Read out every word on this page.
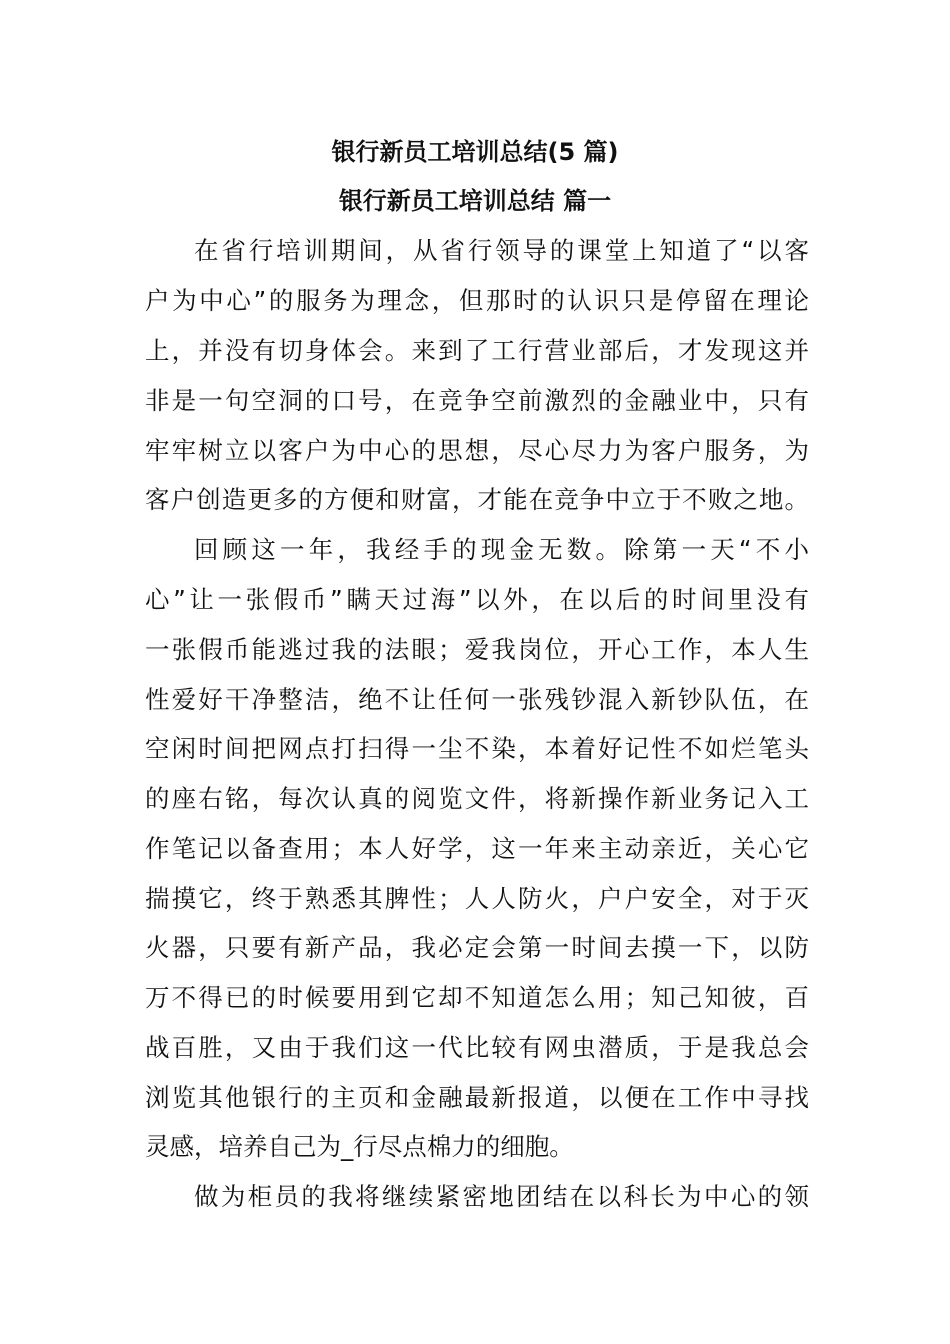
银行新员工培训总结(5 篇)
银行新员工培训总结 篇一

在省行培训期间，从省行领导的课堂上知道了“以客

户为中心”的服务为理念，但那时的认识只是停留在理论

上，并没有切身体会。来到了工行营业部后，才发现这并

非是一句空洞的口号，在竞争空前激烈的金融业中，只有

牢牢树立以客户为中心的思想，尽心尽力为客户服务，为

客户创造更多的方便和财富，才能在竞争中立于不败之地。

回顾这一年，我经手的现金无数。除第一天“不小

心”让一张假币”瞒天过海”以外，在以后的时间里没有

一张假币能逃过我的法眼；爱我岗位，开心工作，本人生

性爱好干净整洁，绝不让任何一张残钞混入新钞队伍，在

空闲时间把网点打扫得一尘不染，本着好记性不如烂笔头

的座右铭，每次认真的阅览文件，将新操作新业务记入工

作笔记以备查用；本人好学，这一年来主动亲近，关心它

揣摸它，终于熟悉其脾性；人人防火，户户安全，对于灭

火器，只要有新产品，我必定会第一时间去摸一下，以防

万不得已的时候要用到它却不知道怎么用；知己知彼，百

战百胜，又由于我们这一代比较有网虫潜质，于是我总会

浏览其他银行的主页和金融最新报道，以便在工作中寻找

灵感，培养自己为_行尽点棉力的细胞。

做为柜员的我将继续紧密地团结在以科长为中心的领
